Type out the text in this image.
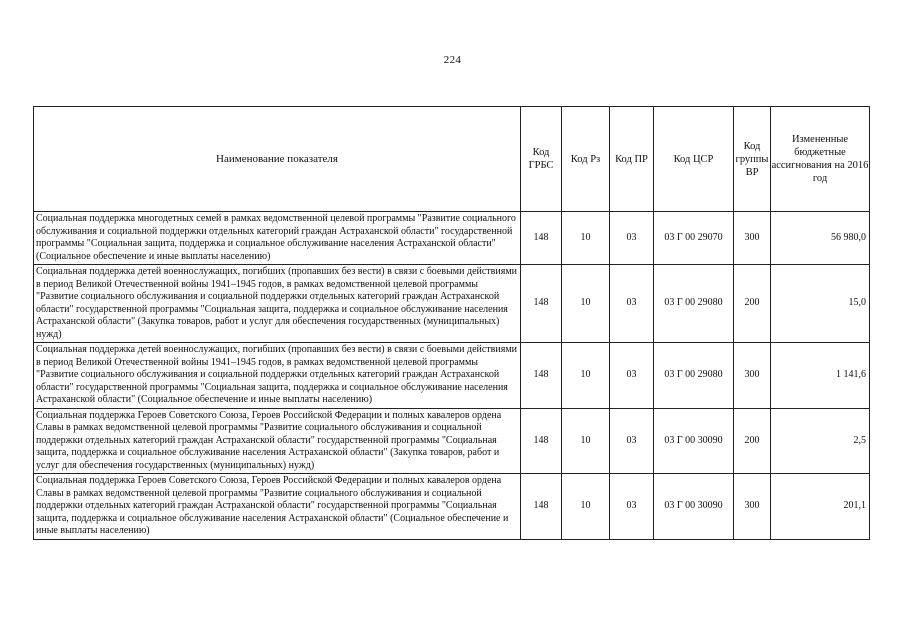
224
Наименование показателя	Код ГРБС	Код Рз	Код ПР	Код ЦСР	Код группы ВР	Измененные бюджетные ассигнования на 2016 год
Социальная поддержка многодетных семей в рамках ведомственной целевой программы "Развитие социального обслуживания и социальной поддержки отдельных категорий граждан Астраханской области" государственной программы "Социальная защита, поддержка и социальное обслуживание населения Астраханской области" (Социальное обеспечение и иные выплаты населению)	148	10	03	03 Г 00 29070	300	56 980,0
Социальная поддержка детей военнослужащих, погибших (пропавших без вести) в связи с боевыми действиями в период Великой Отечественной войны 1941–1945 годов, в рамках ведомственной целевой программы "Развитие социального обслуживания и социальной поддержки отдельных категорий граждан Астраханской области" государственной программы "Социальная защита, поддержка и социальное обслуживание населения Астраханской области" (Закупка товаров, работ и услуг для обеспечения государственных (муниципальных) нужд)	148	10	03	03 Г 00 29080	200	15,0
Социальная поддержка детей военнослужащих, погибших (пропавших без вести) в связи с боевыми действиями в период Великой Отечественной войны 1941–1945 годов, в рамках ведомственной целевой программы "Развитие социального обслуживания и социальной поддержки отдельных категорий граждан Астраханской области" государственной программы "Социальная защита, поддержка и социальное обслуживание населения Астраханской области" (Социальное обеспечение и иные выплаты населению)	148	10	03	03 Г 00 29080	300	1 141,6
Социальная поддержка Героев Советского Союза, Героев Российской Федерации и полных кавалеров ордена Славы в рамках ведомственной целевой программы "Развитие социального обслуживания и социальной поддержки отдельных категорий граждан Астраханской области" государственной программы "Социальная защита, поддержка и социальное обслуживание населения Астраханской области" (Закупка товаров, работ и услуг для обеспечения государственных (муниципальных) нужд)	148	10	03	03 Г 00 30090	200	2,5
Социальная поддержка Героев Советского Союза, Героев Российской Федерации и полных кавалеров ордена Славы в рамках ведомственной целевой программы "Развитие социального обслуживания и социальной поддержки отдельных категорий граждан Астраханской области" государственной программы "Социальная защита, поддержка и социальное обслуживание населения Астраханской области" (Социальное обеспечение и иные выплаты населению)	148	10	03	03 Г 00 30090	300	201,1
